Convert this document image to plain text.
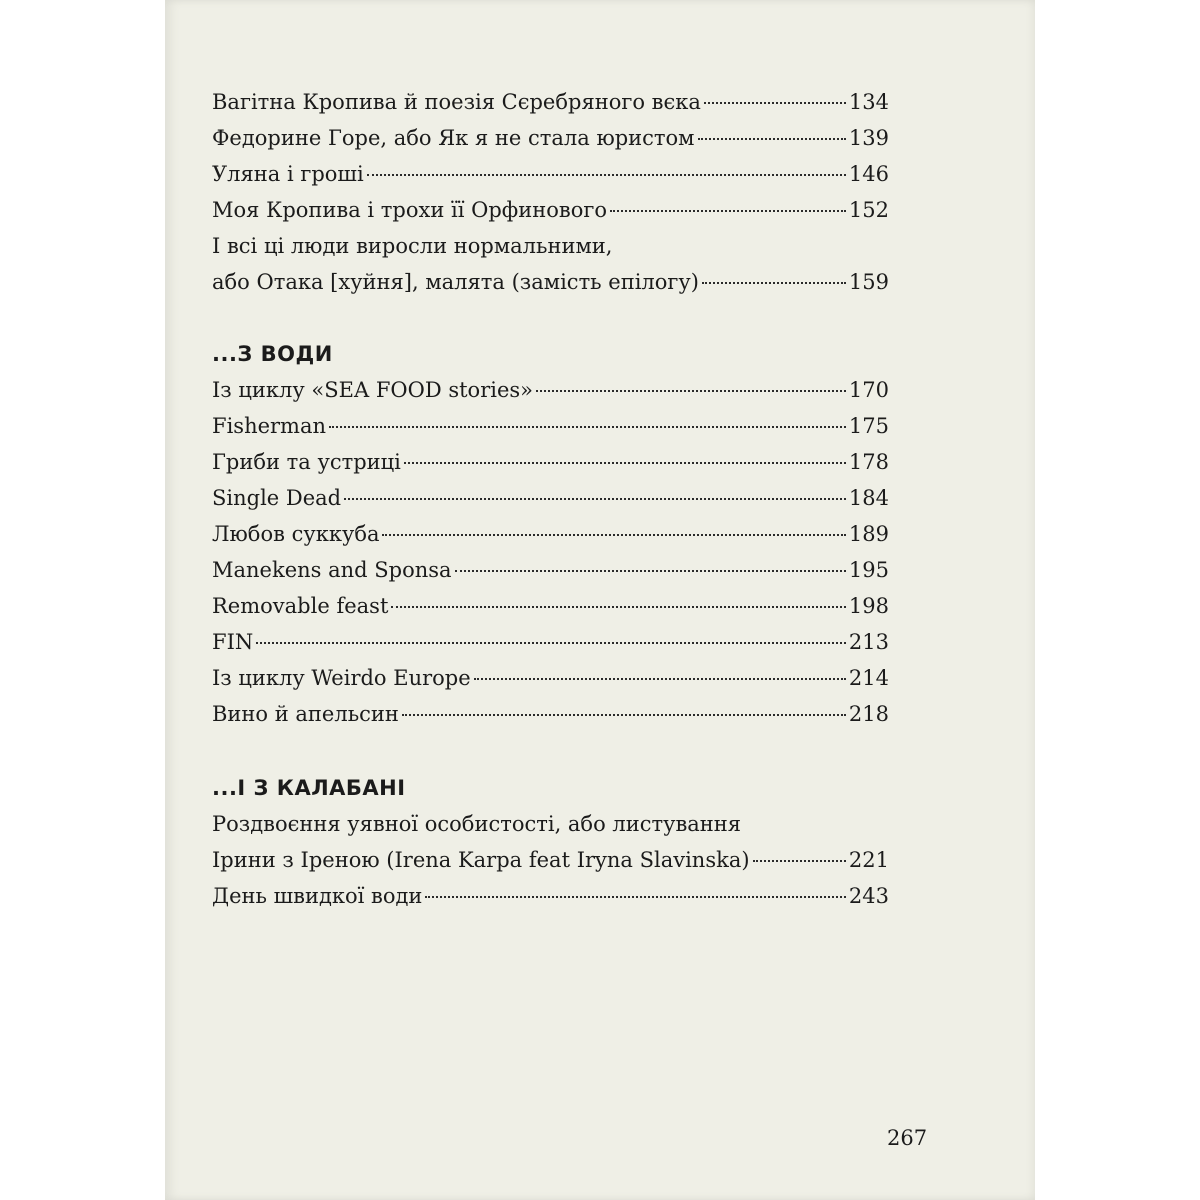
Вагітна Кропива й поезія Сєребряного вєка	134
Федорине Горе, або Як я не стала юристом	139
Уляна і гроші	146
Моя Кропива і трохи її Орфинового	152
І всі ці люди виросли нормальними,
або Отака [хуйня], малята (замість епілогу)	159
...З ВОДИ
Із циклу «SEA FOOD stories»	170
Fisherman	175
Гриби та устриці	178
Single Dead	184
Любов суккуба	189
Manekens and Sponsa	195
Removable feast	198
FIN	213
Із циклу Weirdo Europe	214
Вино й апельсин	218
...І З КАЛАБАНІ
Роздвоєння уявної особистості, або листування
Ірини з Іреною (Irena Karpa feat Iryna Slavinska)	221
День швидкої води	243
267
